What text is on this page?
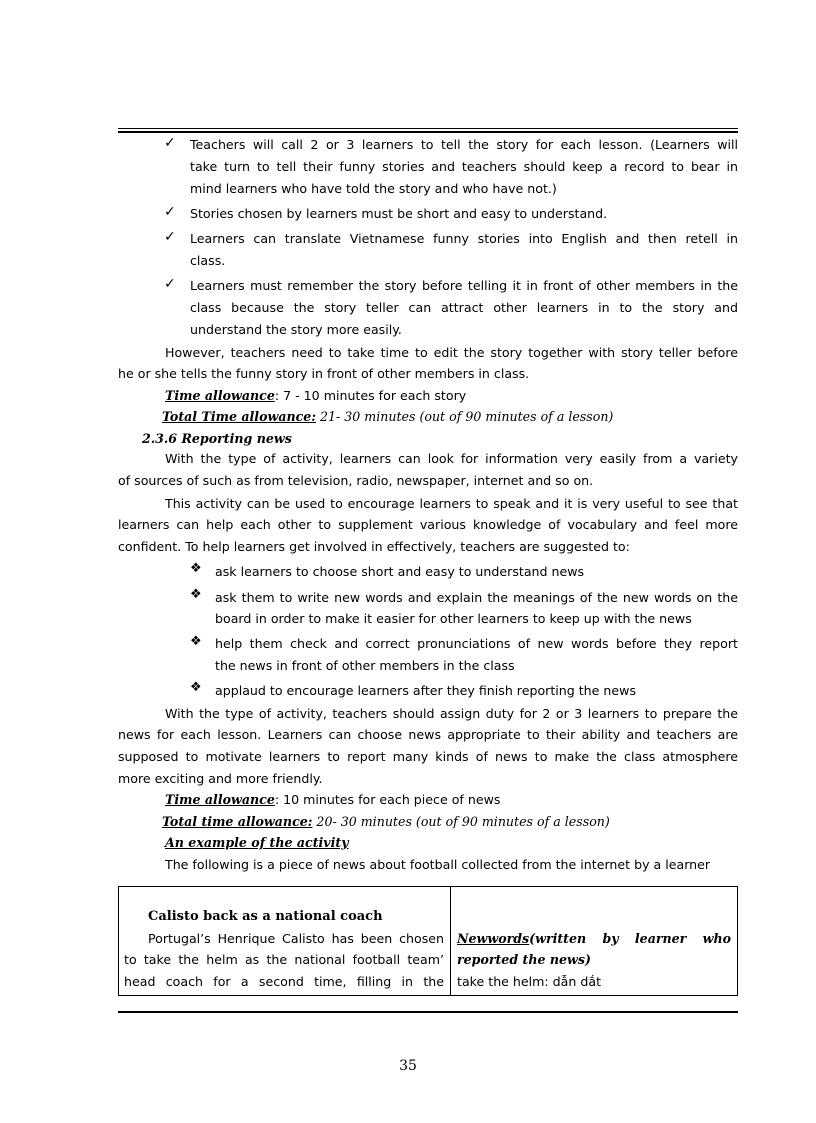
✓ Teachers will call 2 or 3 learners to tell the story for each lesson. (Learners will
take turn to tell their funny stories and teachers should keep a record to bear in
mind learners who have told the story and who have not.)
✓ Stories chosen by learners must be short and easy to understand.
✓ Learners can translate Vietnamese funny stories into English and then retell in
class.
✓ Learners must remember the story before telling it in front of other members in the
class because the story teller can attract other learners in to the story and
understand the story more easily.
However, teachers need to take time to edit the story together with story teller before
he or she tells the funny story in front of other members in class.
Time allowance: 7 - 10 minutes for each story
Total Time allowance: 21- 30 minutes (out of 90 minutes of a lesson)
2.3.6 Reporting news
With the type of activity, learners can look for information very easily from a variety
of sources of such as from television, radio, newspaper, internet and so on.
This activity can be used to encourage learners to speak and it is very useful to see that
learners can help each other to supplement various knowledge of vocabulary and feel more
confident. To help learners get involved in effectively, teachers are suggested to:
❖ ask learners to choose short and easy to understand news
❖ ask them to write new words and explain the meanings of the new words on the
board in order to make it easier for other learners to keep up with the news
❖ help them check and correct pronunciations of new words before they report
the news in front of other members in the class
❖ applaud to encourage learners after they finish reporting the news
With the type of activity, teachers should assign duty for 2 or 3 learners to prepare the
news for each lesson. Learners can choose news appropriate to their ability and teachers are
supposed to motivate learners to report many kinds of news to make the class atmosphere
more exciting and more friendly.
Time allowance: 10 minutes for each piece of news
Total time allowance: 20- 30 minutes (out of 90 minutes of a lesson)
An example of the activity
The following is a piece of news about football collected from the internet by a learner
Calisto back as a national coach
Portugal’s Henrique Calisto has been chosen
to take the helm as the national football team’
head coach for a second time, filling in the
Newwords(written by learner who
reported the news)
take the helm: dẫn dắt
35
